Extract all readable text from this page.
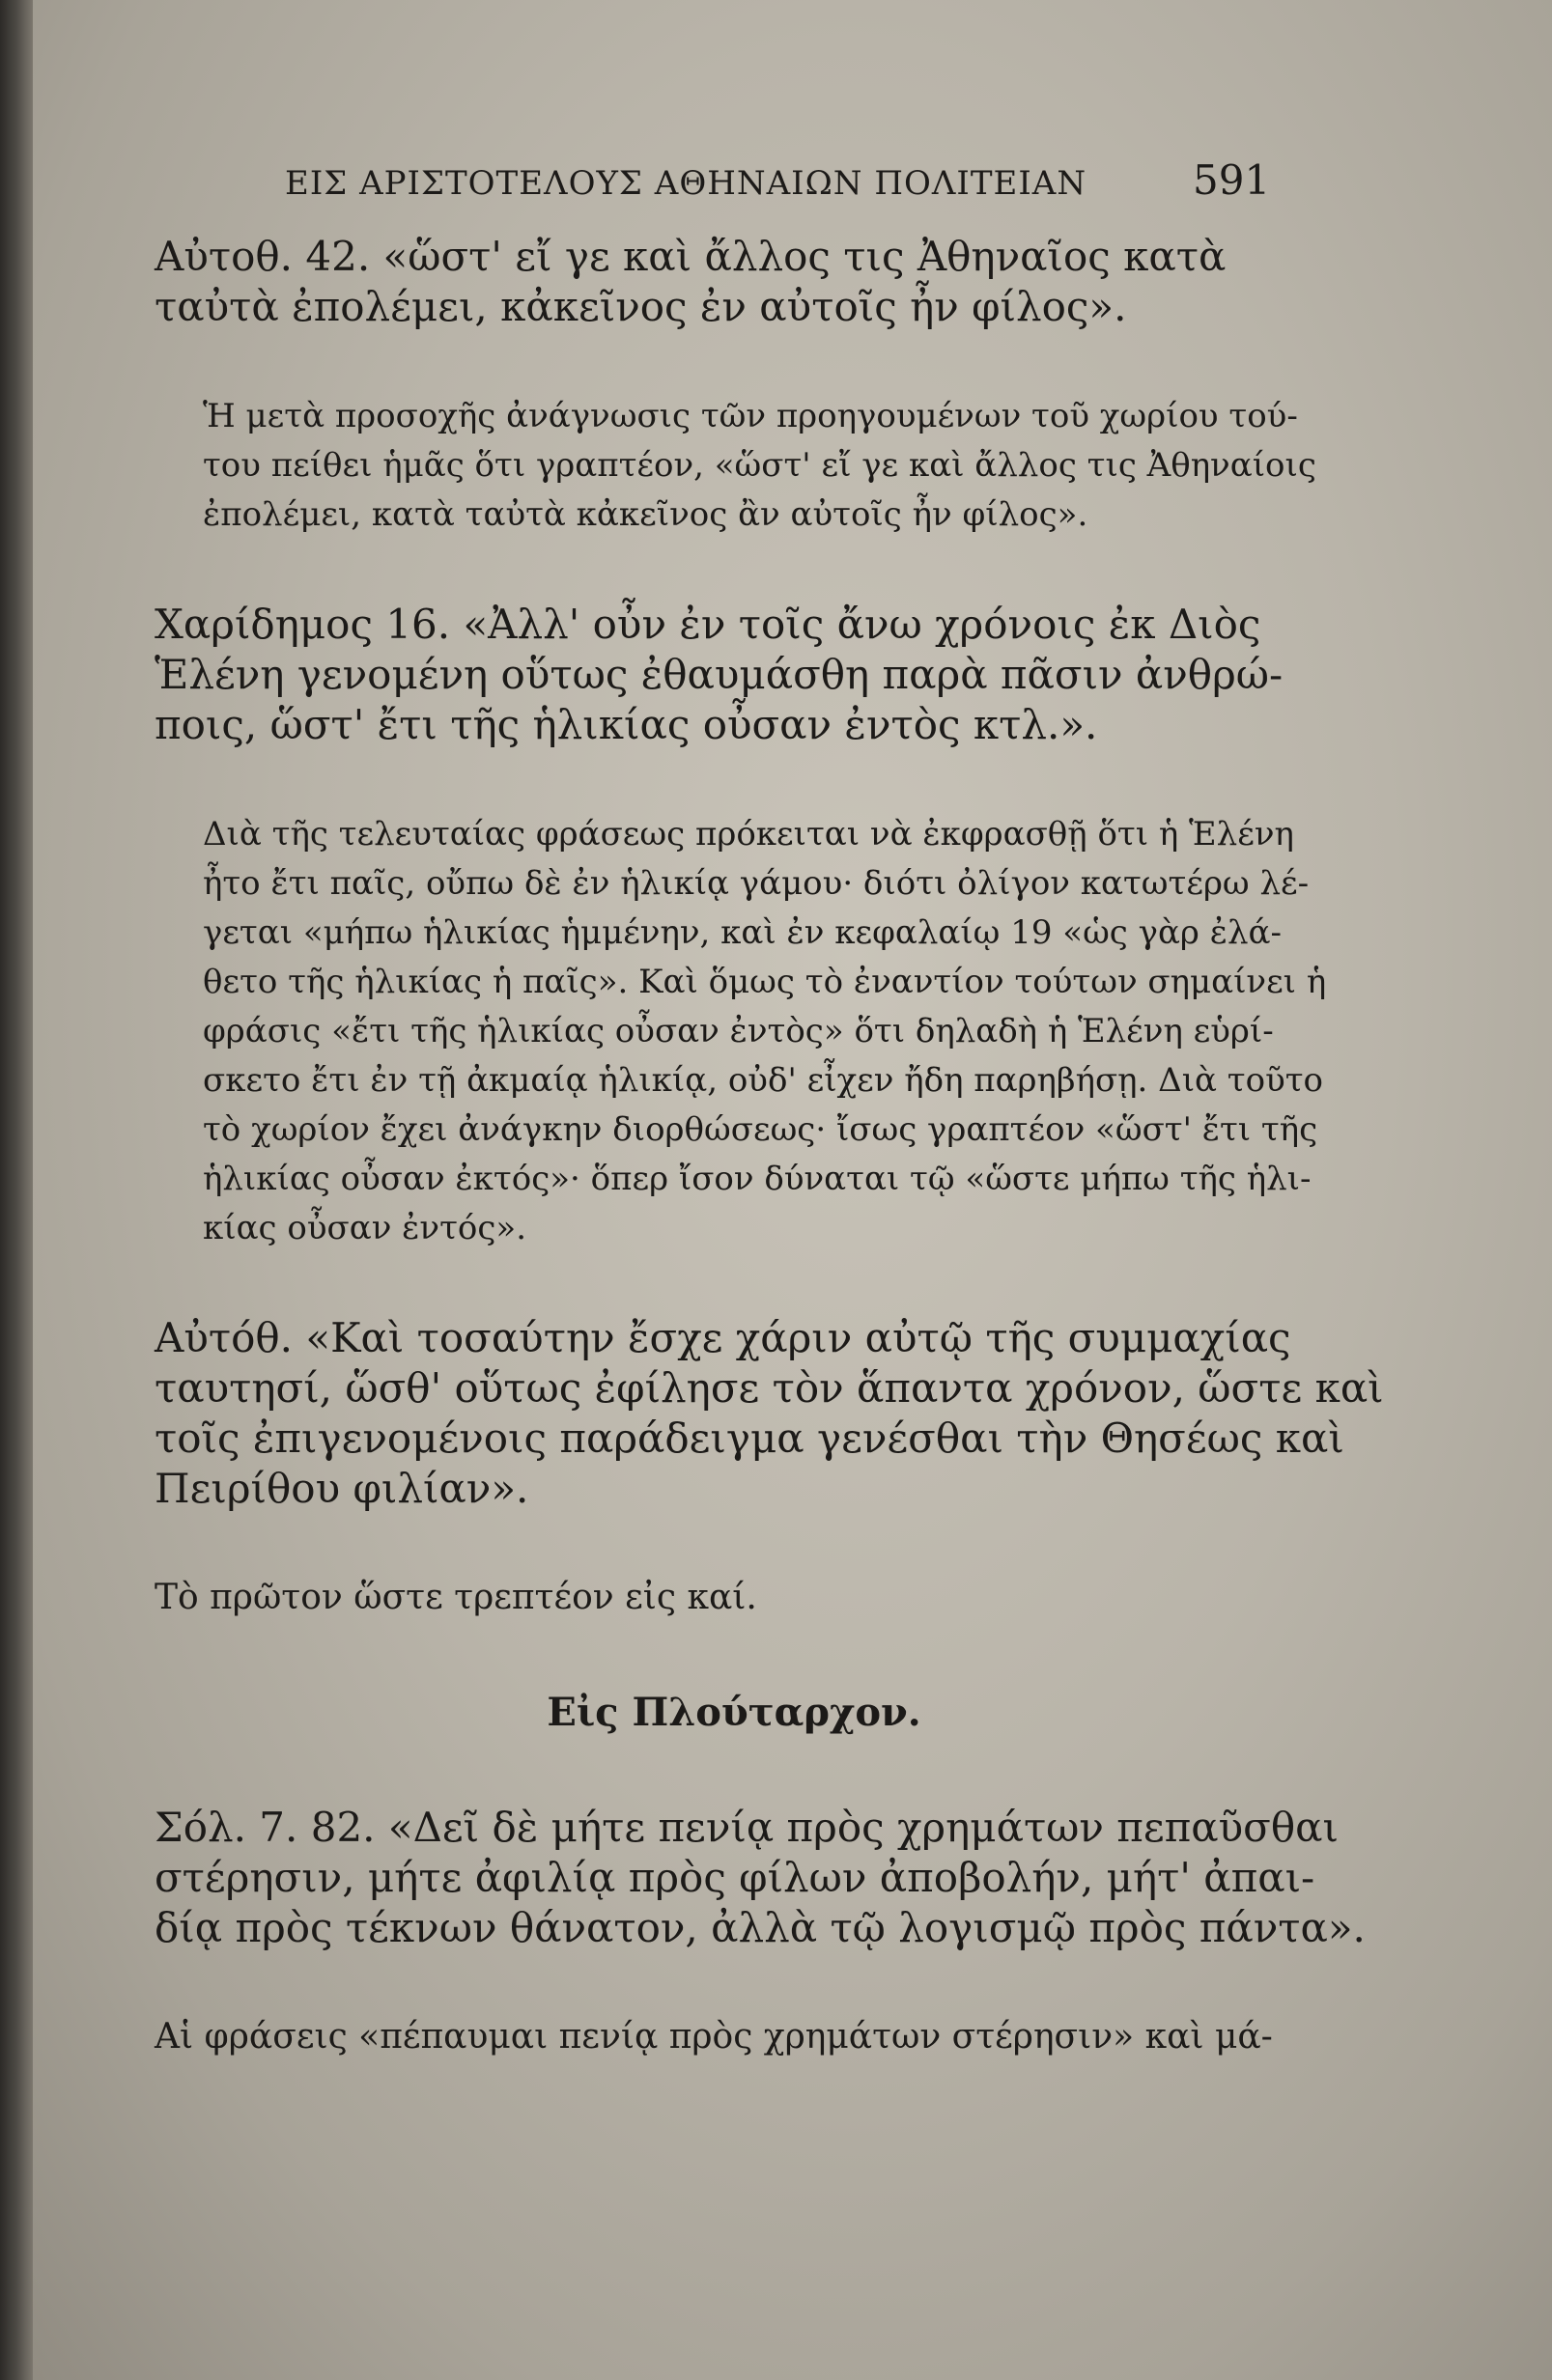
ΕΙΣ ΑΡΙΣΤΟΤΕΛΟΥΣ ΑΘΗΝΑΙΩΝ ΠΟΛΙΤΕΙΑΝ	591
Αὐτοθ. 42. «ὥστ' εἴ γε καὶ ἄλλος τις Ἀθηναῖος κατὰ
ταὐτὰ ἐπολέμει, κἀκεῖνος ἐν αὐτοῖς ἦν φίλος».
Ἡ μετὰ προσοχῆς ἀνάγνωσις τῶν προηγουμένων τοῦ χωρίου τού-
του πείθει ἡμᾶς ὅτι γραπτέον, «ὥστ' εἴ γε καὶ ἄλλος τις Ἀθηναίοις
ἐπολέμει, κατὰ ταὐτὰ κἀκεῖνος ἂν αὐτοῖς ἦν φίλος».
Χαρίδημος 16. «Ἀλλ' οὖν ἐν τοῖς ἄνω χρόνοις ἐκ Διὸς
Ἑλένη γενομένη οὕτως ἐθαυμάσθη παρὰ πᾶσιν ἀνθρώ-
ποις, ὥστ' ἔτι τῆς ἡλικίας οὖσαν ἐντὸς κτλ.».
Διὰ τῆς τελευταίας φράσεως πρόκειται νὰ ἐκφρασθῇ ὅτι ἡ Ἑλένη
ἦτο ἔτι παῖς, οὔπω δὲ ἐν ἡλικίᾳ γάμου· διότι ὀλίγον κατωτέρω λέ-
γεται «μήπω ἡλικίας ἡμμένην, καὶ ἐν κεφαλαίῳ 19 «ὡς γὰρ ἐλά-
θετο τῆς ἡλικίας ἡ παῖς». Καὶ ὅμως τὸ ἐναντίον τούτων σημαίνει ἡ
φράσις «ἔτι τῆς ἡλικίας οὖσαν ἐντὸς» ὅτι δηλαδὴ ἡ Ἑλένη εὑρί-
σκετο ἔτι ἐν τῇ ἀκμαίᾳ ἡλικίᾳ, οὐδ' εἶχεν ἤδη παρηβήσῃ. Διὰ τοῦτο
τὸ χωρίον ἔχει ἀνάγκην διορθώσεως· ἴσως γραπτέον «ὥστ' ἔτι τῆς
ἡλικίας οὖσαν ἐκτός»· ὅπερ ἴσον δύναται τῷ «ὥστε μήπω τῆς ἡλι-
κίας οὖσαν ἐντός».
Αὐτόθ. «Καὶ τοσαύτην ἔσχε χάριν αὐτῷ τῆς συμμαχίας
ταυτησί, ὥσθ' οὕτως ἐφίλησε τὸν ἅπαντα χρόνον, ὥστε καὶ
τοῖς ἐπιγενομένοις παράδειγμα γενέσθαι τὴν Θησέως καὶ
Πειρίθου φιλίαν».
Τὸ πρῶτον ὥστε τρεπτέον εἰς καί.
Εἰς Πλούταρχον.
Σόλ. 7. 82. «Δεῖ δὲ μήτε πενίᾳ πρὸς χρημάτων πεπαῦσθαι
στέρησιν, μήτε ἀφιλίᾳ πρὸς φίλων ἀποβολήν, μήτ' ἀπαι-
δίᾳ πρὸς τέκνων θάνατον, ἀλλὰ τῷ λογισμῷ πρὸς πάντα».
Αἱ φράσεις «πέπαυμαι πενίᾳ πρὸς χρημάτων στέρησιν» καὶ μά-
